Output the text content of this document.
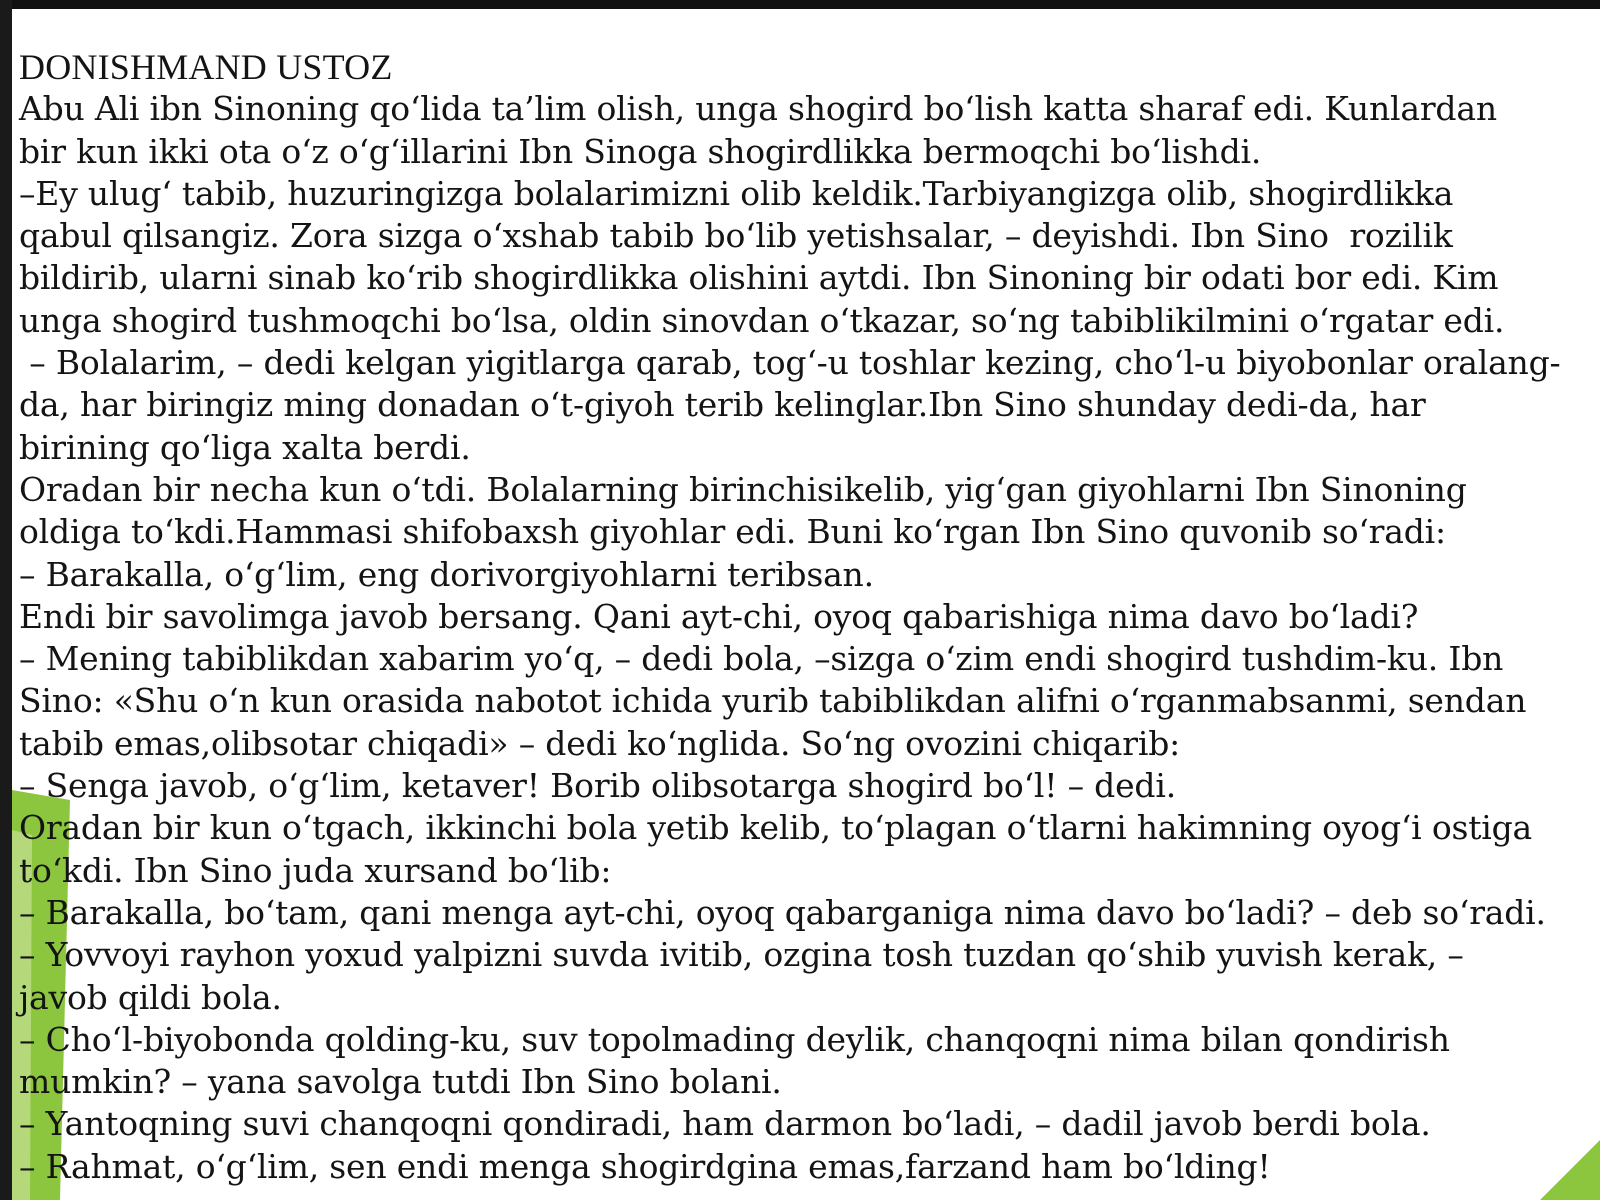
DONISHMAND USTOZ
Abu Ali ibn Sinoning qo‘lida ta’lim olish, unga shogird bo‘lish katta sharaf edi. Kunlardan
bir kun ikki ota o‘z o‘g‘illarini Ibn Sinoga shogirdlikka bermoqchi bo‘lishdi.
–Ey ulug‘ tabib, huzuringizga bolalarimizni olib keldik.Tarbiyangizga olib, shogirdlikka
qabul qilsangiz. Zora sizga o‘xshab tabib bo‘lib yetishsalar, – deyishdi. Ibn Sino  rozilik
bildirib, ularni sinab ko‘rib shogirdlikka olishini aytdi. Ibn Sinoning bir odati bor edi. Kim
unga shogird tushmoqchi bo‘lsa, oldin sinovdan o‘tkazar, so‘ng tabiblikilmini o‘rgatar edi.
– Bolalarim, – dedi kelgan yigitlarga qarab, tog‘-u toshlar kezing, cho‘l-u biyobonlar oralang-
da, har biringiz ming donadan o‘t-giyoh terib kelinglar.Ibn Sino shunday dedi-da, har
birining qo‘liga xalta berdi.
Oradan bir necha kun o‘tdi. Bolalarning birinchisikelib, yig‘gan giyohlarni Ibn Sinoning
oldiga to‘kdi.Hammasi shifobaxsh giyohlar edi. Buni ko‘rgan Ibn Sino quvonib so‘radi:
– Barakalla, o‘g‘lim, eng dorivorgiyohlarni teribsan.
Endi bir savolimga javob bersang. Qani ayt-chi, oyoq qabarishiga nima davo bo‘ladi?
– Mening tabiblikdan xabarim yo‘q, – dedi bola, –sizga o‘zim endi shogird tushdim-ku. Ibn
Sino: «Shu o‘n kun orasida nabotot ichida yurib tabiblikdan alifni o‘rganmabsanmi, sendan
tabib emas,olibsotar chiqadi» – dedi ko‘nglida. So‘ng ovozini chiqarib:
– Senga javob, o‘g‘lim, ketaver! Borib olibsotarga shogird bo‘l! – dedi.
Oradan bir kun o‘tgach, ikkinchi bola yetib kelib, to‘plagan o‘tlarni hakimning oyog‘i ostiga
to‘kdi. Ibn Sino juda xursand bo‘lib:
– Barakalla, bo‘tam, qani menga ayt-chi, oyoq qabarganiga nima davo bo‘ladi? – deb so‘radi.
– Yovvoyi rayhon yoxud yalpizni suvda ivitib, ozgina tosh tuzdan qo‘shib yuvish kerak, –
javob qildi bola.
– Cho‘l-biyobonda qolding-ku, suv topolmading deylik, chanqoqni nima bilan qondirish
mumkin? – yana savolga tutdi Ibn Sino bolani.
– Yantoqning suvi chanqoqni qondiradi, ham darmon bo‘ladi, – dadil javob berdi bola.
– Rahmat, o‘g‘lim, sen endi menga shogirdgina emas,farzand ham bo‘lding!
